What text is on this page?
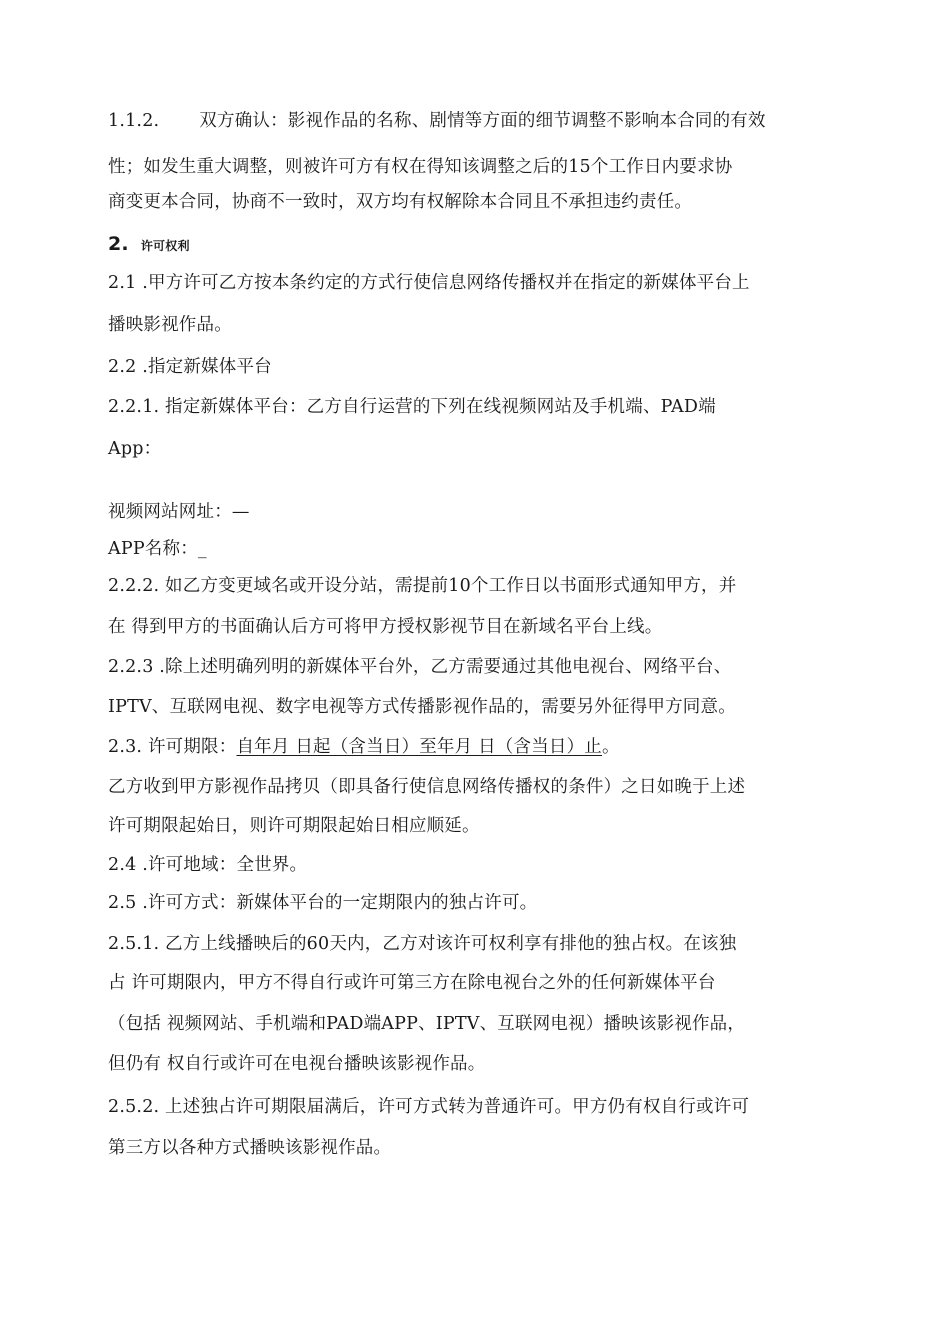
1.1.2. 双方确认：影视作品的名称、剧情等方面的细节调整不影响本合同的有效
性；如发生重大调整，则被许可方有权在得知该调整之后的15个工作日内要求协
商变更本合同，协商不一致时，双方均有权解除本合同且不承担违约责任。
2. 许可权利
2.1 .甲方许可乙方按本条约定的方式行使信息网络传播权并在指定的新媒体平台上
播映影视作品。
2.2 .指定新媒体平台
2.2.1. 指定新媒体平台：乙方自行运营的下列在线视频网站及手机端、PAD端
App：
视频网站网址：—
APP名称：_
2.2.2. 如乙方变更域名或开设分站，需提前10个工作日以书面形式通知甲方，并
在 得到甲方的书面确认后方可将甲方授权影视节目在新域名平台上线。
2.2.3 .除上述明确列明的新媒体平台外，乙方需要通过其他电视台、网络平台、
IPTV、互联网电视、数字电视等方式传播影视作品的，需要另外征得甲方同意。
2.3. 许可期限：自年月 日起（含当日）至年月 日（含当日）止。
乙方收到甲方影视作品拷贝（即具备行使信息网络传播权的条件）之日如晚于上述
许可期限起始日，则许可期限起始日相应顺延。
2.4 .许可地域：全世界。
2.5 .许可方式：新媒体平台的一定期限内的独占许可。
2.5.1. 乙方上线播映后的60天内，乙方对该许可权利享有排他的独占权。在该独
占 许可期限内，甲方不得自行或许可第三方在除电视台之外的任何新媒体平台
（包括 视频网站、手机端和PAD端APP、IPTV、互联网电视）播映该影视作品，
但仍有 权自行或许可在电视台播映该影视作品。
2.5.2. 上述独占许可期限届满后，许可方式转为普通许可。甲方仍有权自行或许可
第三方以各种方式播映该影视作品。
